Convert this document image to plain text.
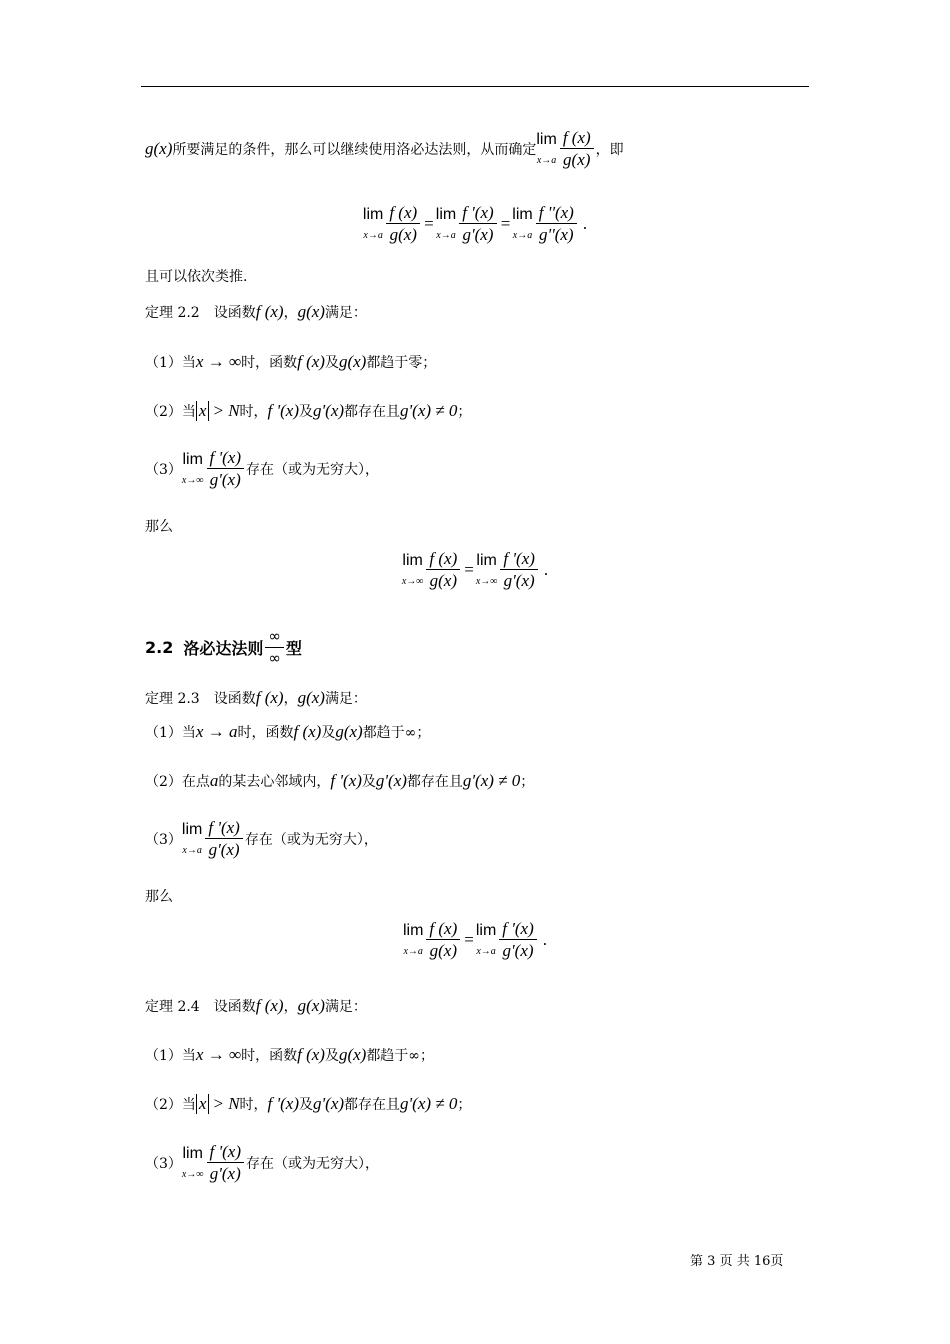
g(x) 所要满足的条件，那么可以继续使用洛必达法则，从而确定
lim
$x\to a \frac{f (x)}{g(x)}$ ，即
lim
$x\to a \frac{f (x)}{g(x)} = \lim$
$x\to a \frac{f '(x)}{g'(x)} = \lim$
$x\to a \frac{f ''(x)}{g''(x)}$ .
且可以依次类推.
定理 2.2 设函数 f (x) ， g(x) 满足：
（1）当 x → ∞ 时，函数 f (x) 及 g(x) 都趋于零；
（2）当 x > N 时， f '(x) 及 g'(x) 都存在且 g'(x) ≠ 0 ；
（3）
lim
$x\to\infty \frac{f '(x)}{g'(x)}$ 存在（或为无穷大），
那么
lim
$x\to\infty \frac{f (x)}{g(x)} = \lim$
$x\to\infty \frac{f '(x)}{g'(x)}$ .
2.2 洛必达法则 $\frac{\infty}{\infty}$ 型
定理 2.3 设函数 f (x) ， g(x) 满足：
（1）当 x → a 时，函数 f (x) 及 g(x) 都趋于∞；
（2）在点 a 的某去心邻域内， f '(x) 及 g'(x) 都存在且 g'(x) ≠ 0 ；
（3）
lim
$x\to a \frac{f '(x)}{g'(x)}$ 存在（或为无穷大），
那么
lim
$x\to a \frac{f (x)}{g(x)} = \lim$
$x\to a \frac{f '(x)}{g'(x)}$ .
定理 2.4 设函数 f (x) ， g(x) 满足：
（1）当 x → ∞ 时，函数 f (x) 及 g(x) 都趋于∞；
（2）当 x > N 时， f '(x) 及 g'(x) 都存在且 g'(x) ≠ 0 ；
（3）
lim
$x\to\infty \frac{f '(x)}{g'(x)}$ 存在（或为无穷大），
第 3 页 共 16页
